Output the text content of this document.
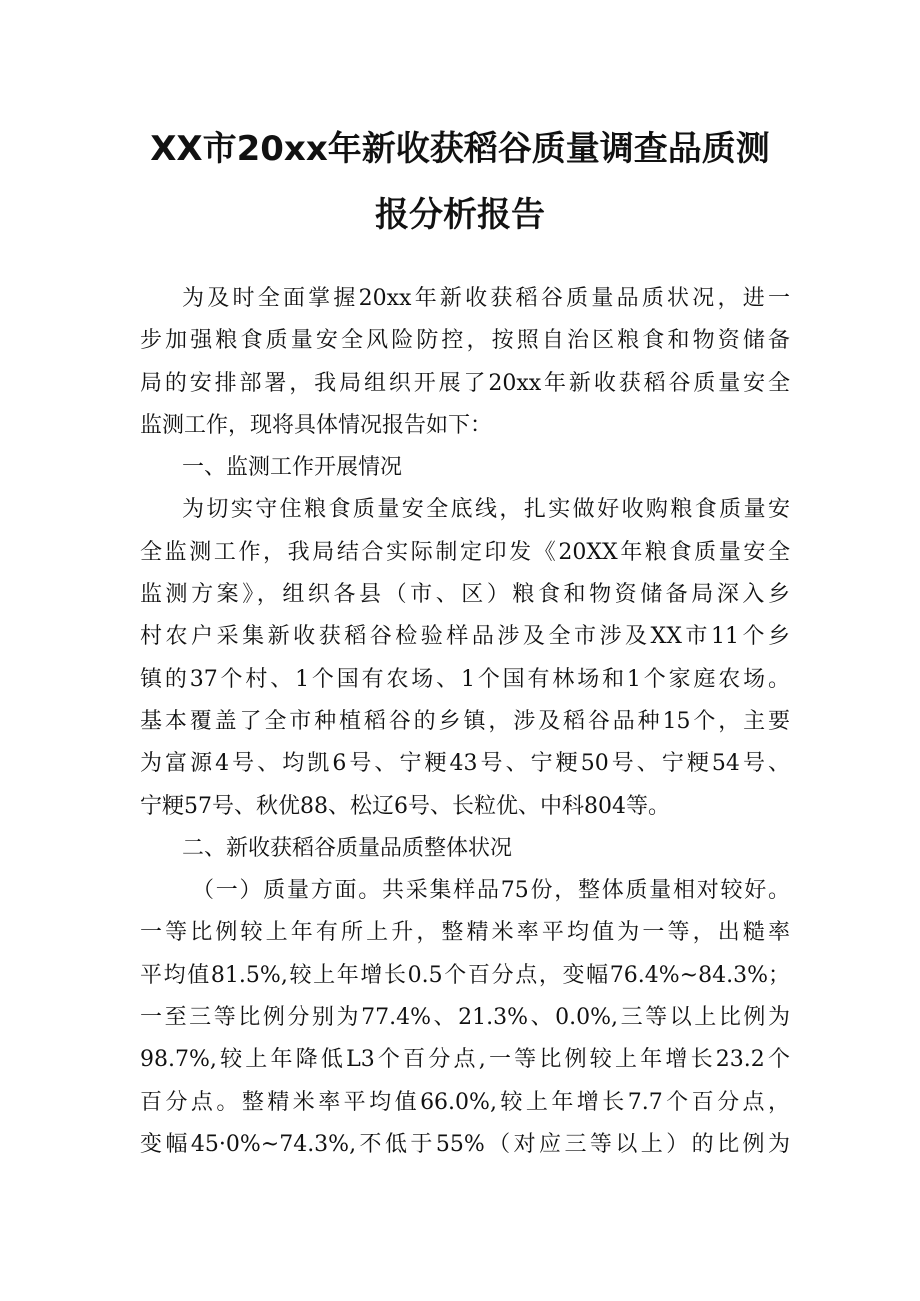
XX市20xx年新收获稻谷质量调查品质测
报分析报告
为及时全面掌握20xx年新收获稻谷质量品质状况，进一
步加强粮食质量安全风险防控，按照自治区粮食和物资储备
局的安排部署，我局组织开展了20xx年新收获稻谷质量安全
监测工作，现将具体情况报告如下：
一、监测工作开展情况
为切实守住粮食质量安全底线，扎实做好收购粮食质量安
全监测工作，我局结合实际制定印发《20XX年粮食质量安全
监测方案》，组织各县（市、区）粮食和物资储备局深入乡
村农户采集新收获稻谷检验样品涉及全市涉及XX市11个乡
镇的37个村、1个国有农场、1个国有林场和1个家庭农场。
基本覆盖了全市种植稻谷的乡镇，涉及稻谷品种15个，主要
为富源4号、均凯6号、宁粳43号、宁粳50号、宁粳54号、
宁粳57号、秋优88、松辽6号、长粒优、中科804等。
二、新收获稻谷质量品质整体状况
（一）质量方面。共采集样品75份，整体质量相对较好。
一等比例较上年有所上升，整精米率平均值为一等，出糙率
平均值81.5%,较上年增长0.5个百分点，变幅76.4%~84.3%；
一至三等比例分别为77.4%、21.3%、0.0%,三等以上比例为
98.7%,较上年降低L3个百分点,一等比例较上年增长23.2个
百分点。整精米率平均值66.0%,较上年增长7.7个百分点，
变幅45·0%~74.3%,不低于55%（对应三等以上）的比例为
